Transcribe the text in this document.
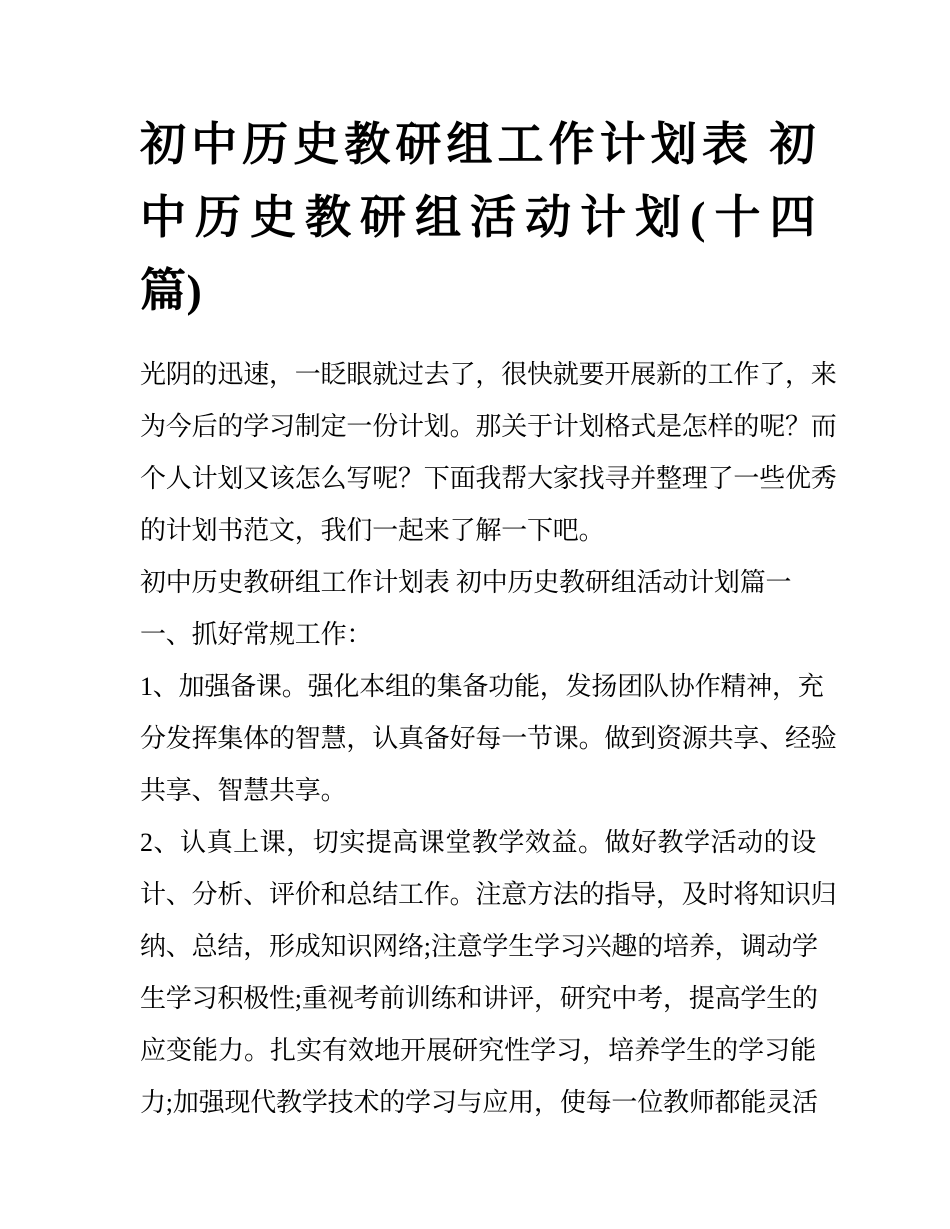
初中历史教研组工作计划表 初
中历史教研组活动计划(十四
篇)
光阴的迅速，一眨眼就过去了，很快就要开展新的工作了，来
为今后的学习制定一份计划。那关于计划格式是怎样的呢？而
个人计划又该怎么写呢？下面我帮大家找寻并整理了一些优秀
的计划书范文，我们一起来了解一下吧。
初中历史教研组工作计划表 初中历史教研组活动计划篇一
一、抓好常规工作：
1、加强备课。强化本组的集备功能，发扬团队协作精神，充
分发挥集体的智慧，认真备好每一节课。做到资源共享、经验
共享、智慧共享。
2、认真上课，切实提高课堂教学效益。做好教学活动的设
计、分析、评价和总结工作。注意方法的指导，及时将知识归
纳、总结，形成知识网络;注意学生学习兴趣的培养，调动学
生学习积极性;重视考前训练和讲评，研究中考，提高学生的
应变能力。扎实有效地开展研究性学习，培养学生的学习能
力;加强现代教学技术的学习与应用，使每一位教师都能灵活
